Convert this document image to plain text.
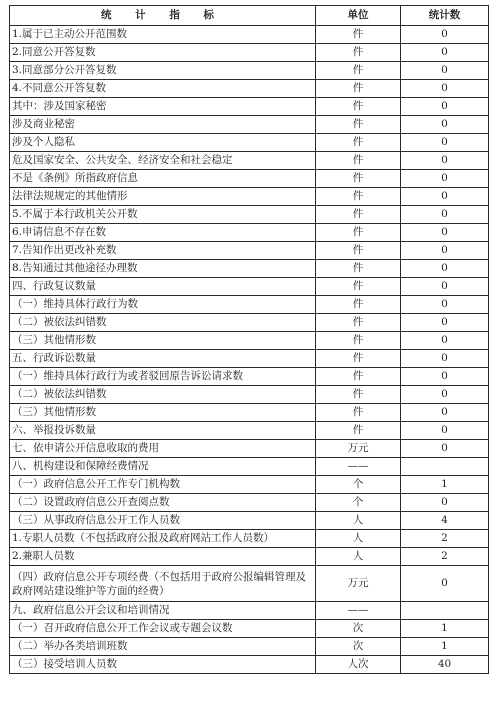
统 计 指 标	单位	统计数
1.属于已主动公开范围数	件	0
2.同意公开答复数	件	0
3.同意部分公开答复数	件	0
4.不同意公开答复数	件	0
其中：涉及国家秘密	件	0
涉及商业秘密	件	0
涉及个人隐私	件	0
危及国家安全、公共安全、经济安全和社会稳定	件	0
不是《条例》所指政府信息	件	0
法律法规规定的其他情形	件	0
5.不属于本行政机关公开数	件	0
6.申请信息不存在数	件	0
7.告知作出更改补充数	件	0
8.告知通过其他途径办理数	件	0
四、行政复议数量	件	0
（一）维持具体行政行为数	件	0
（二）被依法纠错数	件	0
（三）其他情形数	件	0
五、行政诉讼数量	件	0
（一）维持具体行政行为或者驳回原告诉讼请求数	件	0
（二）被依法纠错数	件	0
（三）其他情形数	件	0
六、举报投诉数量	件	0
七、依申请公开信息收取的费用	万元	0
八、机构建设和保障经费情况	——	
（一）政府信息公开工作专门机构数	个	1
（二）设置政府信息公开查阅点数	个	0
（三）从事政府信息公开工作人员数	人	4
1.专职人员数（不包括政府公报及政府网站工作人员数）	人	2
2.兼职人员数	人	2
（四）政府信息公开专项经费（不包括用于政府公报编辑管理及政府网站建设维护等方面的经费）	万元	0
九、政府信息公开会议和培训情况	——	
（一）召开政府信息公开工作会议或专题会议数	次	1
（二）举办各类培训班数	次	1
（三）接受培训人员数	人次	40
